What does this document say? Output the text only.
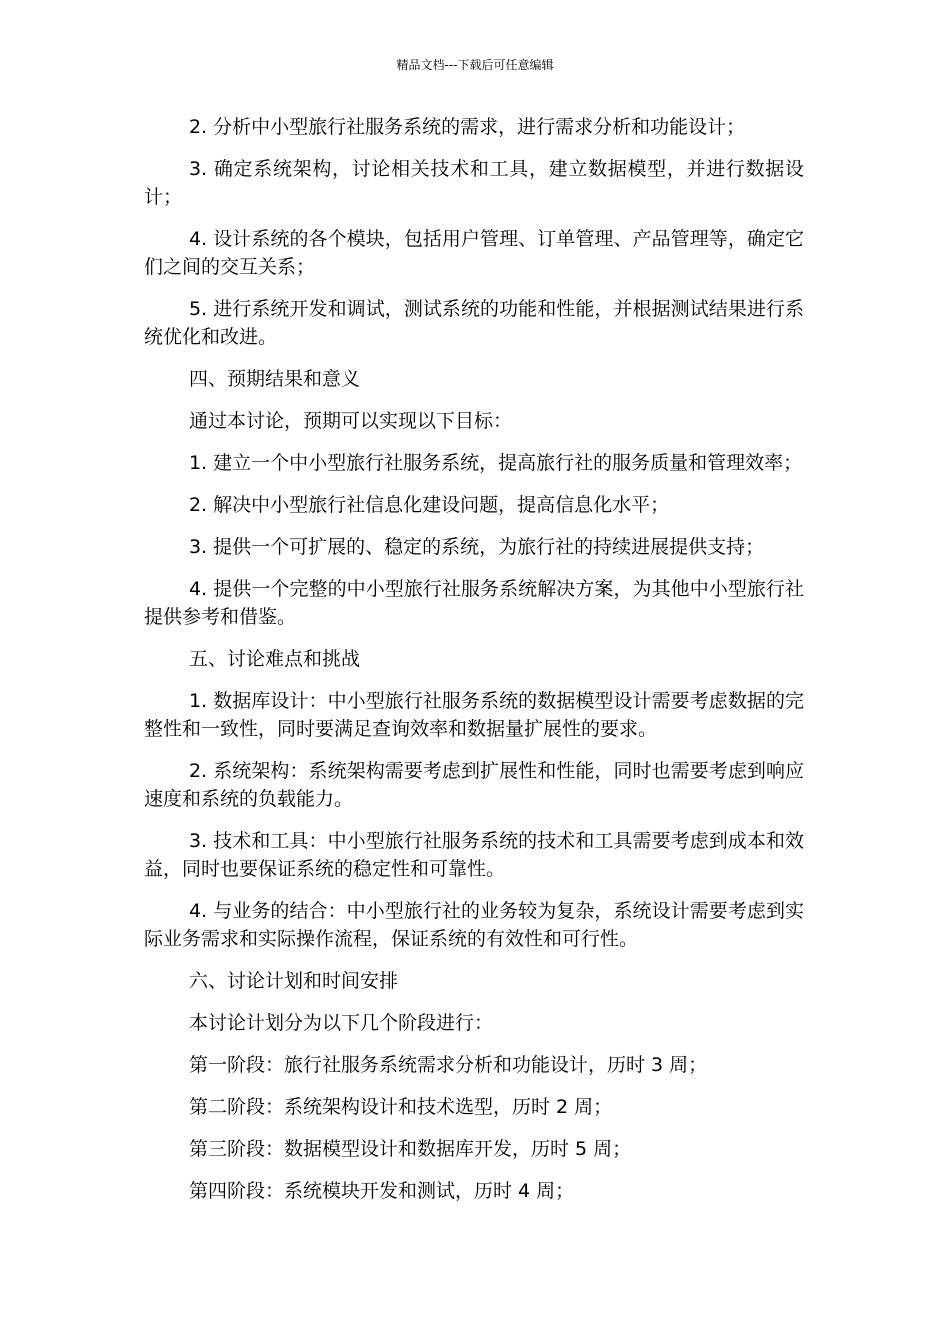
精品文档---下载后可任意编辑

2. 分析中小型旅行社服务系统的需求，进行需求分析和功能设计；

3. 确定系统架构，讨论相关技术和工具，建立数据模型，并进行数据设计；

4. 设计系统的各个模块，包括用户管理、订单管理、产品管理等，确定它们之间的交互关系；

5. 进行系统开发和调试，测试系统的功能和性能，并根据测试结果进行系统优化和改进。

四、预期结果和意义

通过本讨论，预期可以实现以下目标：

1. 建立一个中小型旅行社服务系统，提高旅行社的服务质量和管理效率；

2. 解决中小型旅行社信息化建设问题，提高信息化水平；

3. 提供一个可扩展的、稳定的系统，为旅行社的持续进展提供支持；

4. 提供一个完整的中小型旅行社服务系统解决方案，为其他中小型旅行社提供参考和借鉴。

五、讨论难点和挑战

1. 数据库设计：中小型旅行社服务系统的数据模型设计需要考虑数据的完整性和一致性，同时要满足查询效率和数据量扩展性的要求。

2. 系统架构：系统架构需要考虑到扩展性和性能，同时也需要考虑到响应速度和系统的负载能力。

3. 技术和工具：中小型旅行社服务系统的技术和工具需要考虑到成本和效益，同时也要保证系统的稳定性和可靠性。

4. 与业务的结合：中小型旅行社的业务较为复杂，系统设计需要考虑到实际业务需求和实际操作流程，保证系统的有效性和可行性。

六、讨论计划和时间安排

本讨论计划分为以下几个阶段进行：

第一阶段：旅行社服务系统需求分析和功能设计，历时 3 周；

第二阶段：系统架构设计和技术选型，历时 2 周；

第三阶段：数据模型设计和数据库开发，历时 5 周；

第四阶段：系统模块开发和测试，历时 4 周；
